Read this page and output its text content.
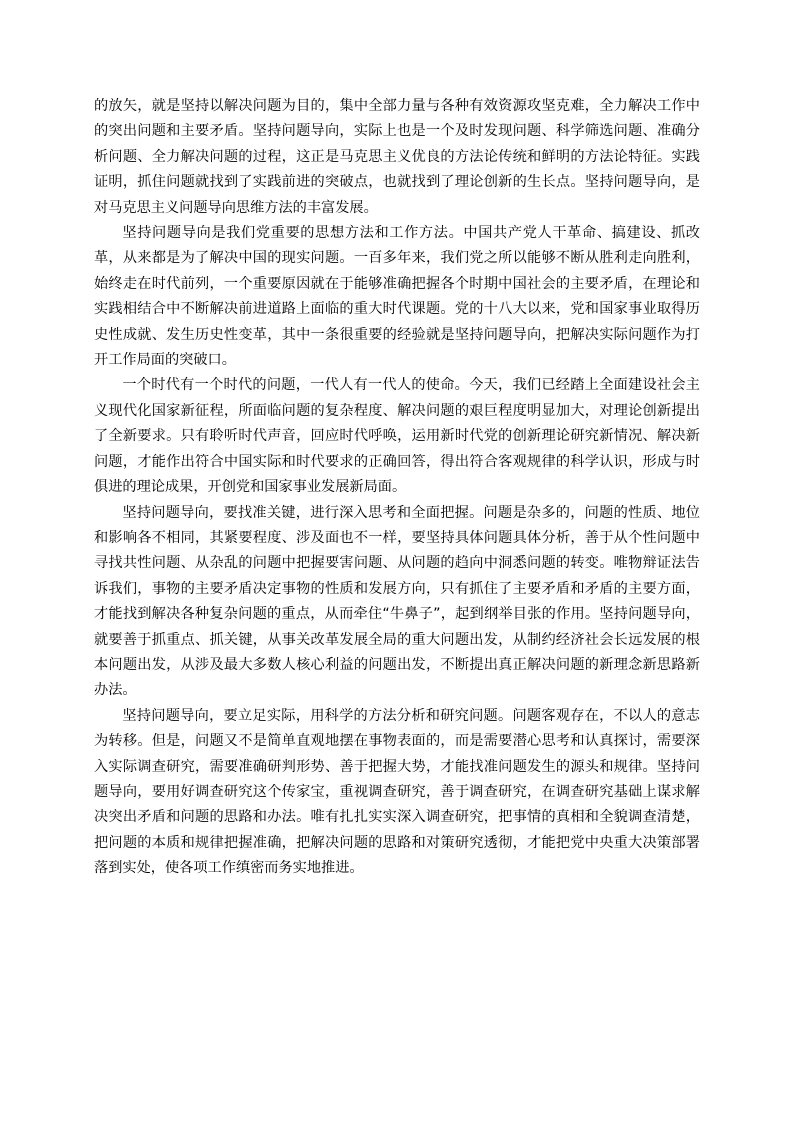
的放矢，就是坚持以解决问题为目的，集中全部力量与各种有效资源攻坚克难，全力解决工作中的突出问题和主要矛盾。坚持问题导向，实际上也是一个及时发现问题、科学筛选问题、准确分析问题、全力解决问题的过程，这正是马克思主义优良的方法论传统和鲜明的方法论特征。实践证明，抓住问题就找到了实践前进的突破点，也就找到了理论创新的生长点。坚持问题导向，是对马克思主义问题导向思维方法的丰富发展。

坚持问题导向是我们党重要的思想方法和工作方法。中国共产党人干革命、搞建设、抓改革，从来都是为了解决中国的现实问题。一百多年来，我们党之所以能够不断从胜利走向胜利，始终走在时代前列，一个重要原因就在于能够准确把握各个时期中国社会的主要矛盾，在理论和实践相结合中不断解决前进道路上面临的重大时代课题。党的十八大以来，党和国家事业取得历史性成就、发生历史性变革，其中一条很重要的经验就是坚持问题导向，把解决实际问题作为打开工作局面的突破口。

一个时代有一个时代的问题，一代人有一代人的使命。今天，我们已经踏上全面建设社会主义现代化国家新征程，所面临问题的复杂程度、解决问题的艰巨程度明显加大，对理论创新提出了全新要求。只有聆听时代声音，回应时代呼唤，运用新时代党的创新理论研究新情况、解决新问题，才能作出符合中国实际和时代要求的正确回答，得出符合客观规律的科学认识，形成与时俱进的理论成果，开创党和国家事业发展新局面。

坚持问题导向，要找准关键，进行深入思考和全面把握。问题是杂多的，问题的性质、地位和影响各不相同，其紧要程度、涉及面也不一样，要坚持具体问题具体分析，善于从个性问题中寻找共性问题、从杂乱的问题中把握要害问题、从问题的趋向中洞悉问题的转变。唯物辩证法告诉我们，事物的主要矛盾决定事物的性质和发展方向，只有抓住了主要矛盾和矛盾的主要方面，才能找到解决各种复杂问题的重点，从而牵住“牛鼻子”，起到纲举目张的作用。坚持问题导向，就要善于抓重点、抓关键，从事关改革发展全局的重大问题出发，从制约经济社会长远发展的根本问题出发，从涉及最大多数人核心利益的问题出发，不断提出真正解决问题的新理念新思路新办法。

坚持问题导向，要立足实际，用科学的方法分析和研究问题。问题客观存在，不以人的意志为转移。但是，问题又不是简单直观地摆在事物表面的，而是需要潜心思考和认真探讨，需要深入实际调查研究，需要准确研判形势、善于把握大势，才能找准问题发生的源头和规律。坚持问题导向，要用好调查研究这个传家宝，重视调查研究，善于调查研究，在调查研究基础上谋求解决突出矛盾和问题的思路和办法。唯有扎扎实实深入调查研究，把事情的真相和全貌调查清楚，把问题的本质和规律把握准确，把解决问题的思路和对策研究透彻，才能把党中央重大决策部署落到实处，使各项工作缜密而务实地推进。
